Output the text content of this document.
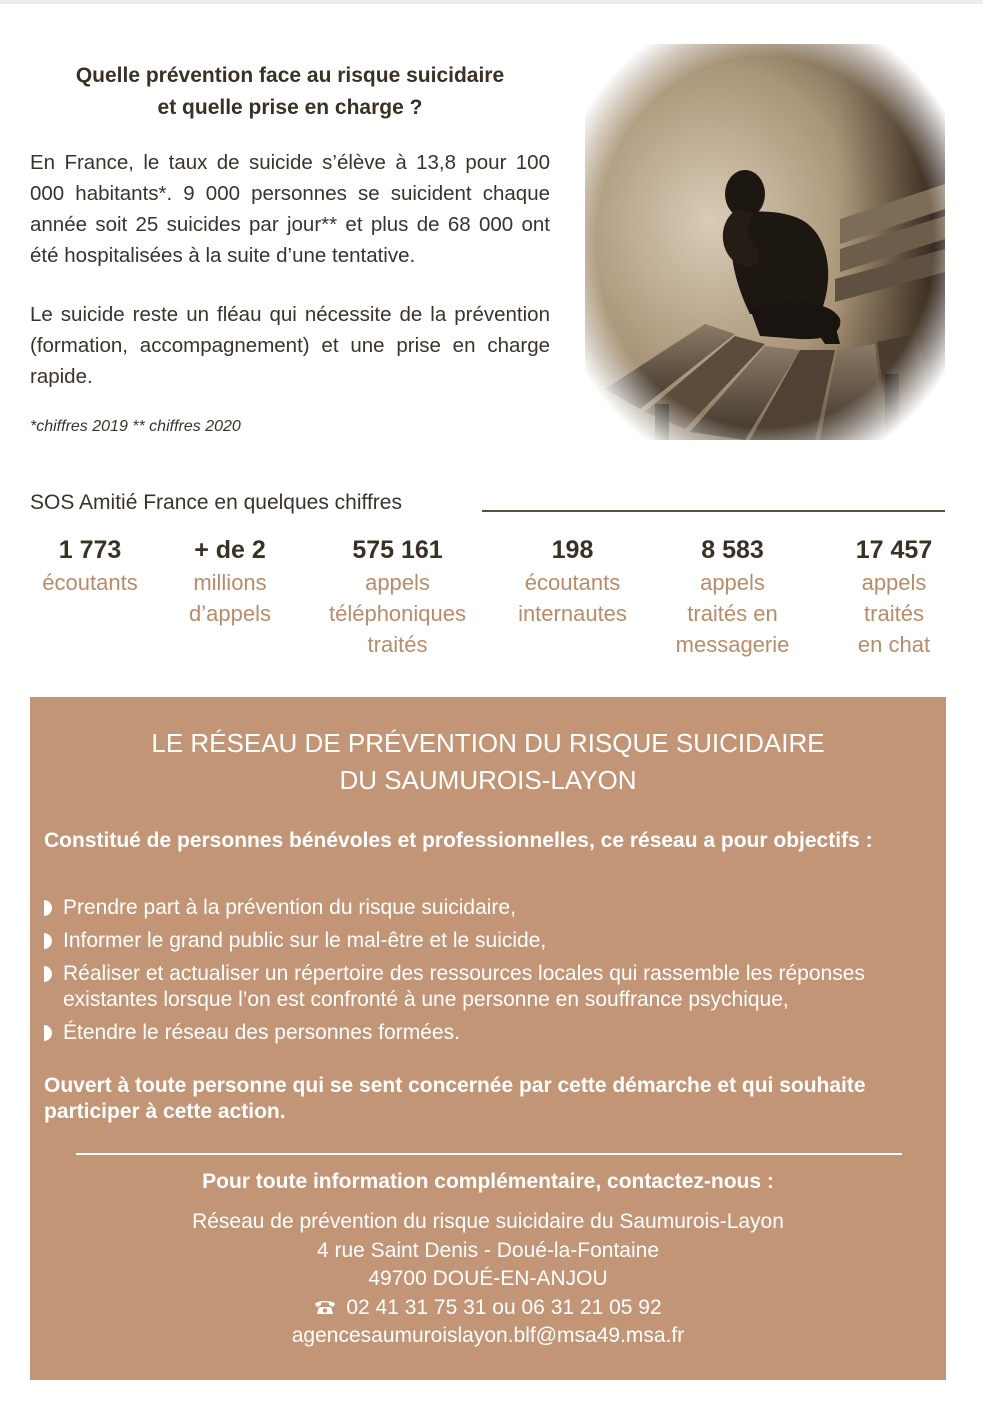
Quelle prévention face au risque suicidaire
et quelle prise en charge ?

En France, le taux de suicide s’élève à 13,8 pour 100 000 habitants*. 9 000 personnes se suicident chaque année soit 25 suicides par jour** et plus de 68 000 ont été hospitalisées à la suite d’une tentative.

Le suicide reste un fléau qui nécessite de la prévention (formation, accompagnement) et une prise en charge rapide.

*chiffres 2019 ** chiffres 2020
SOS Amitié France en quelques chiffres
1 773
écoutants
+ de 2
millions
d’appels
575 161
appels
téléphoniques
traités
198
écoutants
internautes
8 583
appels
traités en
messagerie
17 457
appels
traités
en chat
LE RÉSEAU DE PRÉVENTION DU RISQUE SUICIDAIRE
DU SAUMUROIS-LAYON
Constitué de personnes bénévoles et professionnelles, ce réseau a pour objectifs :
Prendre part à la prévention du risque suicidaire,
Informer le grand public sur le mal-être et le suicide,
Réaliser et actualiser un répertoire des ressources locales qui rassemble les réponses existantes lorsque l’on est confronté à une personne en souffrance psychique,
Étendre le réseau des personnes formées.
Ouvert à toute personne qui se sent concernée par cette démarche et qui souhaite participer à cette action.
Pour toute information complémentaire, contactez-nous :
Réseau de prévention du risque suicidaire du Saumurois-Layon
4 rue Saint Denis - Doué-la-Fontaine
49700 DOUÉ-EN-ANJOU
02 41 31 75 31 ou 06 31 21 05 92
agencesaumuroislayon.blf@msa49.msa.fr
